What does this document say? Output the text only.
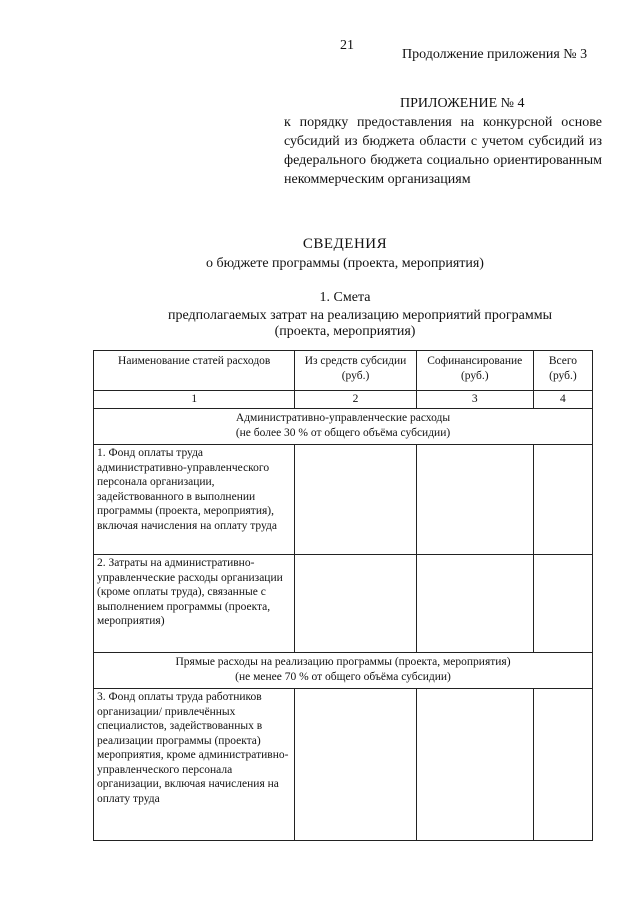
21
Продолжение приложения № 3
ПРИЛОЖЕНИЕ № 4
к порядку предоставления на конкурсной основе субсидий из бюджета области с учетом субсидий из федерального бюджета социально ориентированным некоммерческим организациям
СВЕДЕНИЯ
о бюджете программы (проекта, мероприятия)
1. Смета
предполагаемых затрат на реализацию мероприятий программы
(проекта, мероприятия)
Наименование статей расходов	Из средств субсидии (руб.)	Софинансирование (руб.)	Всего (руб.)
1	2	3	4

Административно-управленческие расходы
(не более 30 % от общего объёма субсидии)			

1. Фонд оплаты труда административно-управленческого персонала организации, задействованного в выполнении программы (проекта, мероприятия), включая начисления на оплату труда			
2. Затраты на административно-управленческие расходы организации (кроме оплаты труда), связанные с выполнением программы (проекта, мероприятия)			

Прямые расходы на реализацию программы (проекта, мероприятия)
(не менее 70 % от общего объёма субсидии)			

3. Фонд оплаты труда работников организации/ привлечённых специалистов, задействованных в реализации программы (проекта) мероприятия, кроме административно-управленческого персонала организации, включая начисления на оплату труда			
